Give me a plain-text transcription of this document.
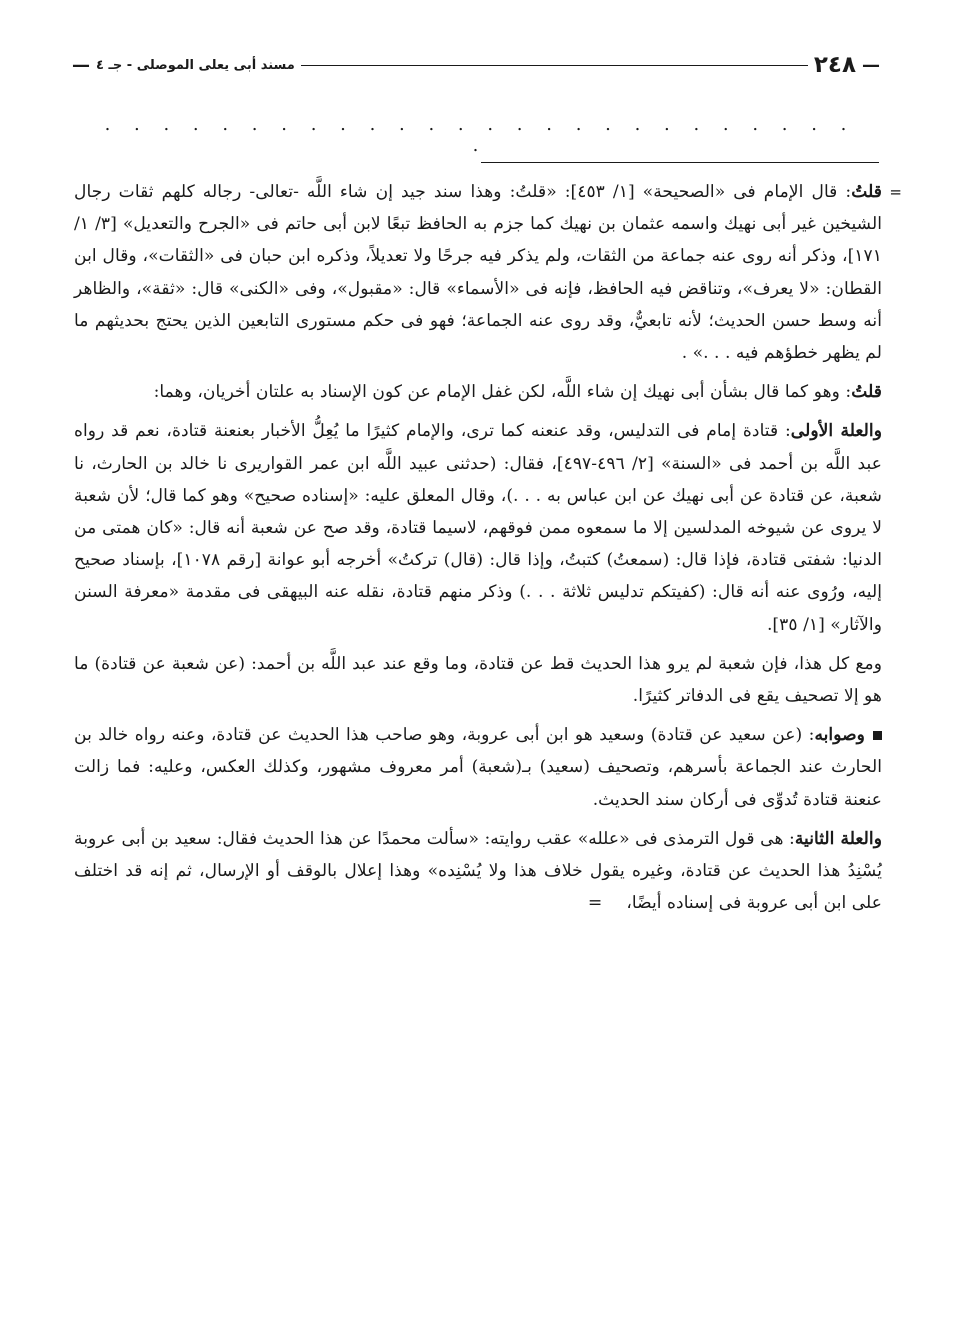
—
٢٤٨
مسند أبى يعلى الموصلى - جـ ٤
—
. . . . . . . . . . . . . . . . . . . . . . . . . . .
=

قلتُ: قال الإمام فى «الصحيحة» [١/ ٤٥٣]: «قلتُ: وهذا سند جيد إن شاء اللَّه -تعالى- رجاله كلهم ثقات رجال الشيخين غير أبى نهيك واسمه عثمان بن نهيك كما جزم به الحافظ تبعًا لابن أبى حاتم فى «الجرح والتعديل» [٣/ ١/ ١٧١]، وذكر أنه روى عنه جماعة من الثقات، ولم يذكر فيه جرحًا ولا تعديلاً، وذكره ابن حبان فى «الثقات»، وقال ابن القطان: «لا يعرف»، وتناقض فيه الحافظ، فإنه فى «الأسماء» قال: «مقبول»، وفى «الكنى» قال: «ثقة»، والظاهر أنه وسط حسن الحديث؛ لأنه تابعيٌّ، وقد روى عنه الجماعة؛ فهو فى حكم مستورى التابعين الذين يحتج بحديثهم ما لم يظهر خطؤهم فيه . . .» .

قلتُ: وهو كما قال بشأن أبى نهيك إن شاء اللَّه، لكن غفل الإمام عن كون الإسناد به علتان أخريان، وهما:

والعلة الأولى: قتادة إمام فى التدليس، وقد عنعنه كما ترى، والإمام كثيرًا ما يُعِلُّ الأخبار بعنعنة قتادة، نعم قد رواه عبد اللَّه بن أحمد فى «السنة» [٢/ ٤٩٦-٤٩٧]، فقال: (حدثنى عبيد اللَّه ابن عمر القواريرى نا خالد بن الحارث، نا شعبة، عن قتادة عن أبى نهيك عن ابن عباس به . . .)، وقال المعلق عليه: «إسناده صحيح» وهو كما قال؛ لأن شعبة لا يروى عن شيوخه المدلسين إلا ما سمعوه ممن فوقهم، لاسيما قتادة، وقد صح عن شعبة أنه قال: «كان همتى من الدنيا: شفتى قتادة، فإذا قال: (سمعتُ) كتبتُ، وإذا قال: (قال) تركتُ» أخرجه أبو عوانة [رقم ١٠٧٨]، بإسناد صحيح إليه، ورُوى عنه أنه قال: (كفيتكم تدليس ثلاثة . . .) وذكر منهم قتادة، نقله عنه البيهقى فى مقدمة «معرفة السنن والآثار» [١/ ٣٥].

ومع كل هذا، فإن شعبة لم يرو هذا الحديث قط عن قتادة، وما وقع عند عبد اللَّه بن أحمد: (عن شعبة عن قتادة) ما هو إلا تصحيف يقع فى الدفاتر كثيرًا.

وصوابه: (عن سعيد عن قتادة) وسعيد هو ابن أبى عروبة، وهو صاحب هذا الحديث عن قتادة، وعنه رواه خالد بن الحارث عند الجماعة بأسرهم، وتصحيف (سعيد) بـ(شعبة) أمر معروف مشهور، وكذلك العكس، وعليه: فما زالت عنعنة قتادة تُدوِّى فى أركان سند الحديث.

والعلة الثانية: هى قول الترمذى فى «علله» عقب روايته: «سألت محمدًا عن هذا الحديث فقال: سعيد بن أبى عروبة يُسْنِدُ هذا الحديث عن قتادة، وغيره يقول خلاف هذا ولا يُسْنِده» وهذا إعلال بالوقف أو الإرسال، ثم إنه قد اختلف على ابن أبى عروبة فى إسناده أيضًا،=
